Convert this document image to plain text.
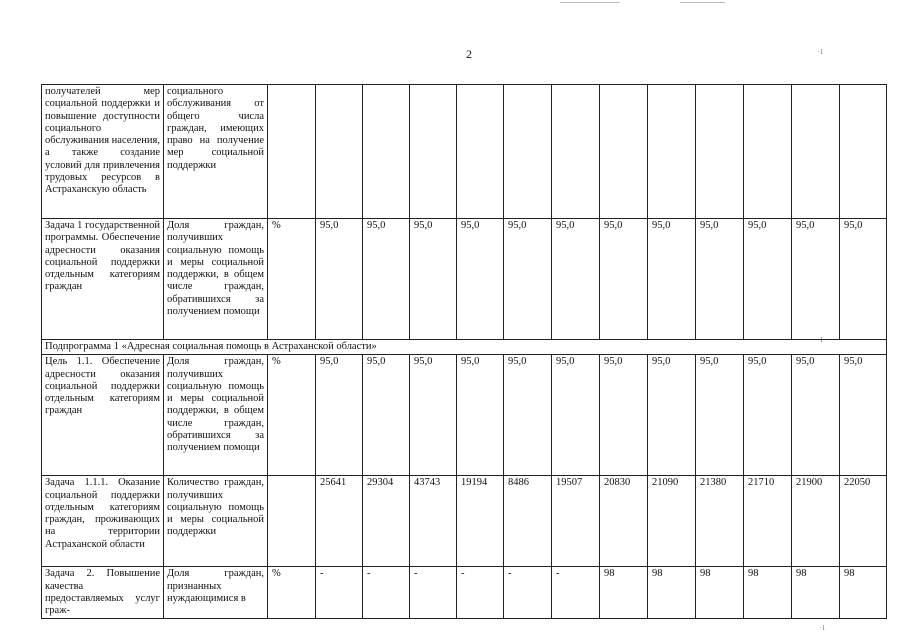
2	∙1
∙1
∙1
получателей мер социальной поддержки и повышение доступности социального обслуживания населения, а также создание условий для привлечения трудовых ресурсов в Астраханскую область	социального обслуживания от общего числа граждан, имеющих право на получение мер социальной поддержки													
Задача 1 государственной программы. Обеспечение адресности оказания социальной поддержки отдельным категориям граждан	Доля граждан, получивших социальную помощь и меры социальной поддержки, в общем числе граждан, обратившихся за получением помощи	%	95,0	95,0	95,0	95,0	95,0	95,0	95,0	95,0	95,0	95,0	95,0	95,0
Подпрограмма 1 «Адресная социальная помощь в Астраханской области»														
Цель 1.1. Обеспечение адресности оказания социальной поддержки отдельным категориям граждан	Доля граждан, получивших социальную помощь и меры социальной поддержки, в общем числе граждан, обратившихся за получением помощи	%	95,0	95,0	95,0	95,0	95,0	95,0	95,0	95,0	95,0	95,0	95,0	95,0
Задача 1.1.1. Оказание социальной поддержки отдельным категориям граждан, проживающих на территории Астраханской области	Количество граждан, получивших социальную помощь и меры социальной поддержки		25641	29304	43743	19194	8486	19507	20830	21090	21380	21710	21900	22050
Задача 2. Повышение качества предоставляемых услуг граж-	Доля граждан, признанных нуждающимися в	%	-	-	-	-	-	-	98	98	98	98	98	98
